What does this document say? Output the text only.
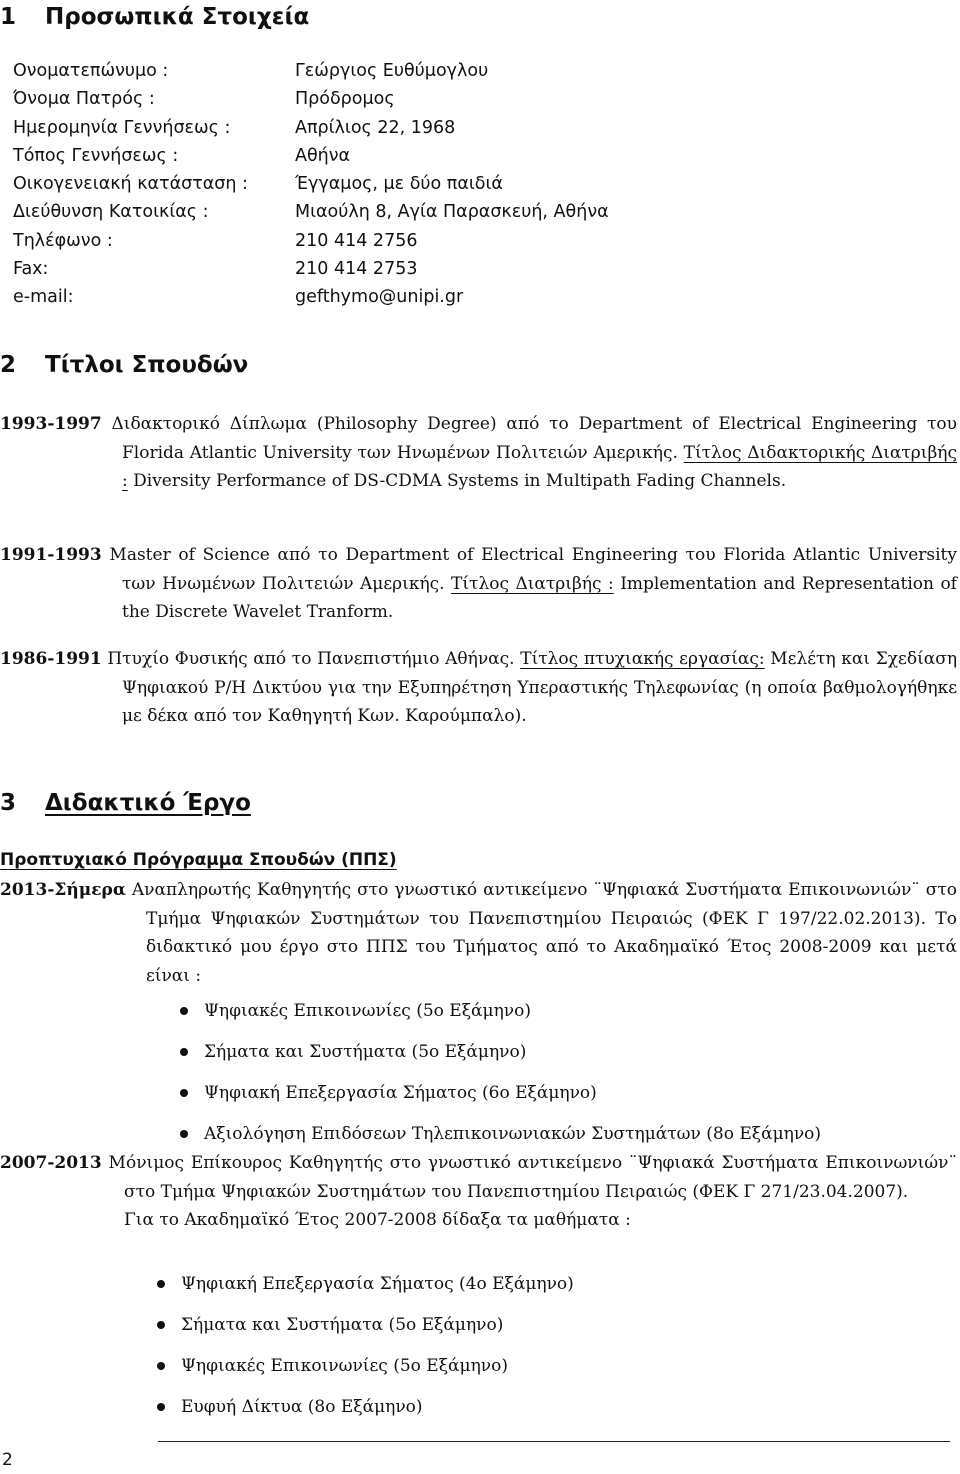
1 Προσωπικά Στοιχεία
Ονοματεπώνυμο :	Γεώργιος Ευθύμογλου
Όνομα Πατρός :	Πρόδρομος
Ημερομηνία Γεννήσεως :	Απρίλιος 22, 1968
Τόπος Γεννήσεως :	Αθήνα
Οικογενειακή κατάσταση :	Έγγαμος, με δύο παιδιά
Διεύθυνση Κατοικίας :	Μιαούλη 8, Αγία Παρασκευή, Αθήνα
Τηλέφωνο :	210 414 2756
Fax:	210 414 2753
e-mail:	gefthymo@unipi.gr
2 Τίτλοι Σπουδών

1993-1997 Διδακτορικό Δίπλωμα (Philosophy Degree) από το Department of Electrical Engineering του Florida Atlantic University των Ηνωμένων Πολιτειών Αμερικής. Τίτλος Διδακτορικής Διατριβής : Diversity Performance of DS-CDMA Systems in Multipath Fading Channels.

1991-1993 Master of Science από το Department of Electrical Engineering του Florida Atlantic University των Ηνωμένων Πολιτειών Αμερικής. Τίτλος Διατριβής : Implementation and Representation of the Discrete Wavelet Tranform.

1986-1991 Πτυχίο Φυσικής από το Πανεπιστήμιο Αθήνας. Τίτλος πτυχιακής εργασίας: Μελέτη και Σχεδίαση Ψηφιακού Ρ/Η Δικτύου για την Εξυπηρέτηση Υπεραστικής Τηλεφωνίας (η οποία βαθμολογήθηκε με δέκα από τον Καθηγητή Κων. Καρούμπαλο).

3 Διδακτικό Έργο
Προπτυχιακό Πρόγραμμα Σπουδών (ΠΠΣ)

2013-Σήμερα Αναπληρωτής Καθηγητής στο γνωστικό αντικείμενο ¨Ψηφιακά Συστήματα Επικοινωνιών¨ στο Τμήμα Ψηφιακών Συστημάτων του Πανεπιστημίου Πειραιώς (ΦΕΚ Γ 197/22.02.2013). Το διδακτικό μου έργο στο ΠΠΣ του Τμήματος από το Ακαδημαϊκό Έτος 2008-2009 και μετά είναι :

Ψηφιακές Επικοινωνίες (5ο Εξάμηνο)
Σήματα και Συστήματα (5ο Εξάμηνο)
Ψηφιακή Επεξεργασία Σήματος (6ο Εξάμηνο)
Αξιολόγηση Επιδόσεων Τηλεπικοινωνιακών Συστημάτων (8ο Εξάμηνο)

2007-2013 Μόνιμος Επίκουρος Καθηγητής στο γνωστικό αντικείμενο ¨Ψηφιακά Συστήματα Επικοινωνιών¨ στο Τμήμα Ψηφιακών Συστημάτων του Πανεπιστημίου Πειραιώς (ΦΕΚ Γ 271/23.04.2007).

Για το Ακαδημαϊκό Έτος 2007-2008 δίδαξα τα μαθήματα :

Ψηφιακή Επεξεργασία Σήματος (4ο Εξάμηνο)
Σήματα και Συστήματα (5ο Εξάμηνο)
Ψηφιακές Επικοινωνίες (5ο Εξάμηνο)
Ευφυή Δίκτυα (8ο Εξάμηνο)
2
